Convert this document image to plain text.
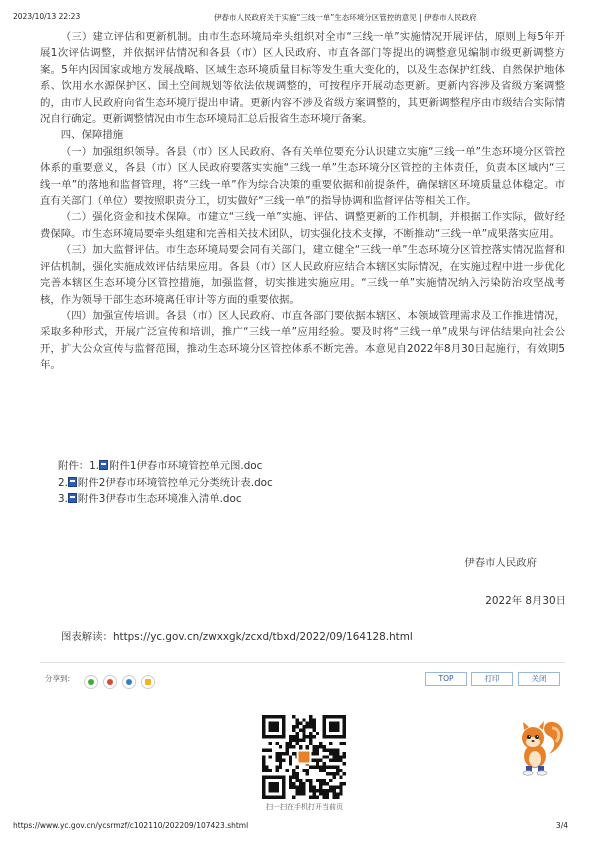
2023/10/13 22:23	伊春市人民政府关于实施“三线一单”生态环境分区管控的意见 | 伊春市人民政府

（三）建立评估和更新机制。由市生态环境局牵头组织对全市“三线一单”实施情况开展评估，原则上每5年开展1次评估调整，并依据评估情况和各县（市）区人民政府、市直各部门等提出的调整意见编制市级更新调整方案。5年内因国家或地方发展战略、区域生态环境质量目标等发生重大变化的，以及生态保护红线、自然保护地体系、饮用水水源保护区、国土空间规划等依法依规调整的，可按程序开展动态更新。更新内容涉及省级方案调整的，由市人民政府向省生态环境厅提出申请。更新内容不涉及省级方案调整的，其更新调整程序由市级结合实际情况自行确定。更新调整情况由市生态环境局汇总后报省生态环境厅备案。

四、保障措施

（一）加强组织领导。各县（市）区人民政府、各有关单位要充分认识建立实施“三线一单”生态环境分区管控体系的重要意义，各县（市）区人民政府要落实实施“三线一单”生态环境分区管控的主体责任，负责本区域内“三线一单”的落地和监督管理，将“三线一单”作为综合决策的重要依据和前提条件，确保辖区环境质量总体稳定。市直有关部门（单位）要按照职责分工，切实做好“三线一单”的指导协调和监督评估等相关工作。

（二）强化资金和技术保障。市建立“三线一单”实施、评估、调整更新的工作机制，并根据工作实际，做好经费保障。市生态环境局要牵头组建和完善相关技术团队，切实强化技术支撑，不断推动“三线一单”成果落实应用。

（三）加大监督评估。市生态环境局要会同有关部门，建立健全“三线一单”生态环境分区管控落实情况监督和评估机制，强化实施成效评估结果应用。各县（市）区人民政府应结合本辖区实际情况，在实施过程中进一步优化完善本辖区生态环境分区管控措施，加强监督，切实推进实施应用。“三线一单”实施情况纳入污染防治攻坚战考核，作为领导干部生态环境离任审计等方面的重要依据。

（四）加强宣传培训。各县（市）区人民政府、市直各部门要依据本辖区、本领域管理需求及工作推进情况，采取多种形式，开展广泛宣传和培训，推广“三线一单”应用经验。要及时将“三线一单”成果与评估结果向社会公开，扩大公众宣传与监督范围，推动生态环境分区管控体系不断完善。本意见自2022年8月30日起施行，有效期5年。

附件：1. 附件1伊春市环境管控单元图.doc
2. 附件2伊春市环境管控单元分类统计表.doc
3. 附件3伊春市生态环境准入清单.doc
伊春市人民政府
2022年 8月30日
图表解读：https://yc.gov.cn/zwxxgk/zcxd/tbxd/2022/09/164128.html
分享到:	TOP	打印	关闭
扫一扫在手机打开当前页
https://www.yc.gov.cn/ycsrmzf/c102110/202209/107423.shtml	3/4
